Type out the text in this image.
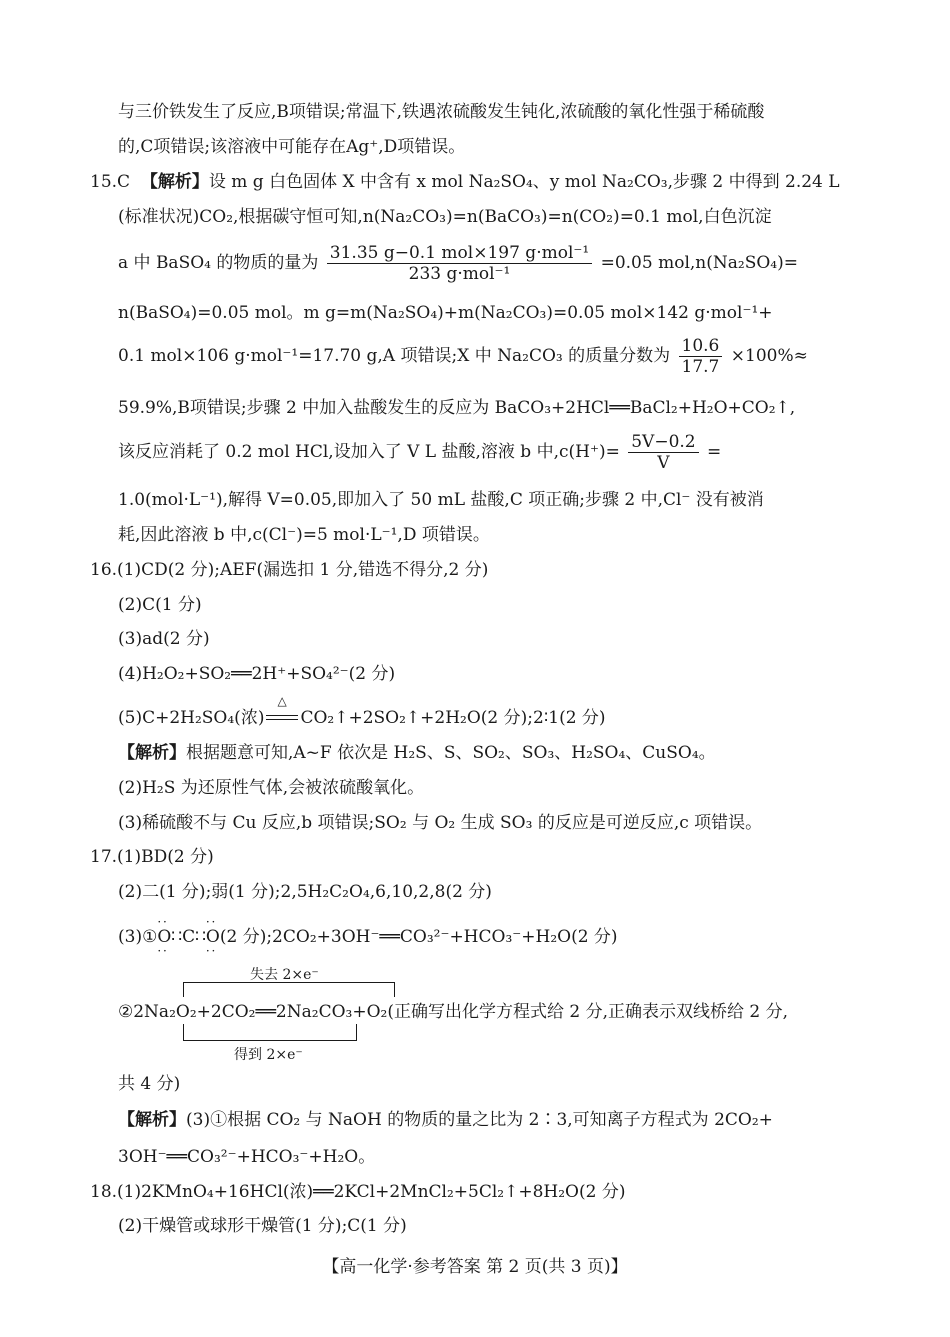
与三价铁发生了反应,B项错误;常温下,铁遇浓硫酸发生钝化,浓硫酸的氧化性强于稀硫酸
的,C项错误;该溶液中可能存在Ag⁺,D项错误。
15.C 【解析】设 m g 白色固体 X 中含有 x mol Na₂SO₄、y mol Na₂CO₃,步骤 2 中得到 2.24 L
(标准状况)CO₂,根据碳守恒可知,n(Na₂CO₃)=n(BaCO₃)=n(CO₂)=0.1 mol,白色沉淀
a 中 BaSO₄ 的物质的量为 $\frac{\text{31.35 g−0.1 mol×197 g·mol⁻¹}}{\text{233 g·mol⁻¹}} =0.05$ mol,n(Na₂SO₄)=
n(BaSO₄)=0.05 mol。m g=m(Na₂SO₄)+m(Na₂CO₃)=0.05 mol×142 g·mol⁻¹+
0.1 mol×106 g·mol⁻¹=17.70 g,A 项错误;X 中 Na₂CO₃ 的质量分数为 $\frac{10.6}{17.7} \times 100\%\approx$
59.9%,B项错误;步骤 2 中加入盐酸发生的反应为 BaCO₃+2HCl══BaCl₂+H₂O+CO₂↑,
该反应消耗了 0.2 mol HCl,设加入了 V L 盐酸,溶液 b 中$,c(H^+)= \frac{5V-0.2}{V}$ =
1.0(mol·L⁻¹),解得 V=0.05,即加入了 50 mL 盐酸,C 项正确;步骤 2 中,Cl⁻ 没有被消
耗,因此溶液 b 中,c(Cl⁻)=5 mol·L⁻¹,D 项错误。
16.(1)CD(2 分);AEF(漏选扣 1 分,错选不得分,2 分)
(2)C(1 分)
(3)ad(2 分)
(4)H₂O₂+SO₂══2H⁺+SO₄²⁻(2 分)
(5)C+2H₂SO₄(浓)
△
CO₂↑+2SO₂↑+2H₂O(2 分);2∶1(2 分)
【解析】根据题意可知,A~F 依次是 H₂S、S、SO₂、SO₃、H₂SO₄、CuSO₄。
(2)H₂S 为还原性气体,会被浓硫酸氧化。
(3)稀硫酸不与 Cu 反应,b 项错误;SO₂ 与 O₂ 生成 SO₃ 的反应是可逆反应,c 项错误。
17.(1)BD(2 分)
(2)二(1 分);弱(1 分);2,5H₂C₂O₄,6,10,2,8(2 分)
(3)①· · O · ·∷C∷· · O · ·(2 分);2CO₂+3OH⁻══CO₃²⁻+HCO₃⁻+H₂O(2 分)
失去 2×e⁻
②2Na₂O₂+2CO₂══2Na₂CO₃+O₂(正确写出化学方程式给 2 分,正确表示双线桥给 2 分,
得到 2×e⁻
共 4 分)
【解析】(3)①根据 CO₂ 与 NaOH 的物质的量之比为 2∶3,可知离子方程式为 2CO₂+
3OH⁻══CO₃²⁻+HCO₃⁻+H₂O。
18.(1)2KMnO₄+16HCl(浓)══2KCl+2MnCl₂+5Cl₂↑+8H₂O(2 分)
(2)干燥管或球形干燥管(1 分);C(1 分)
【高一化学·参考答案 第 2 页(共 3 页)】
